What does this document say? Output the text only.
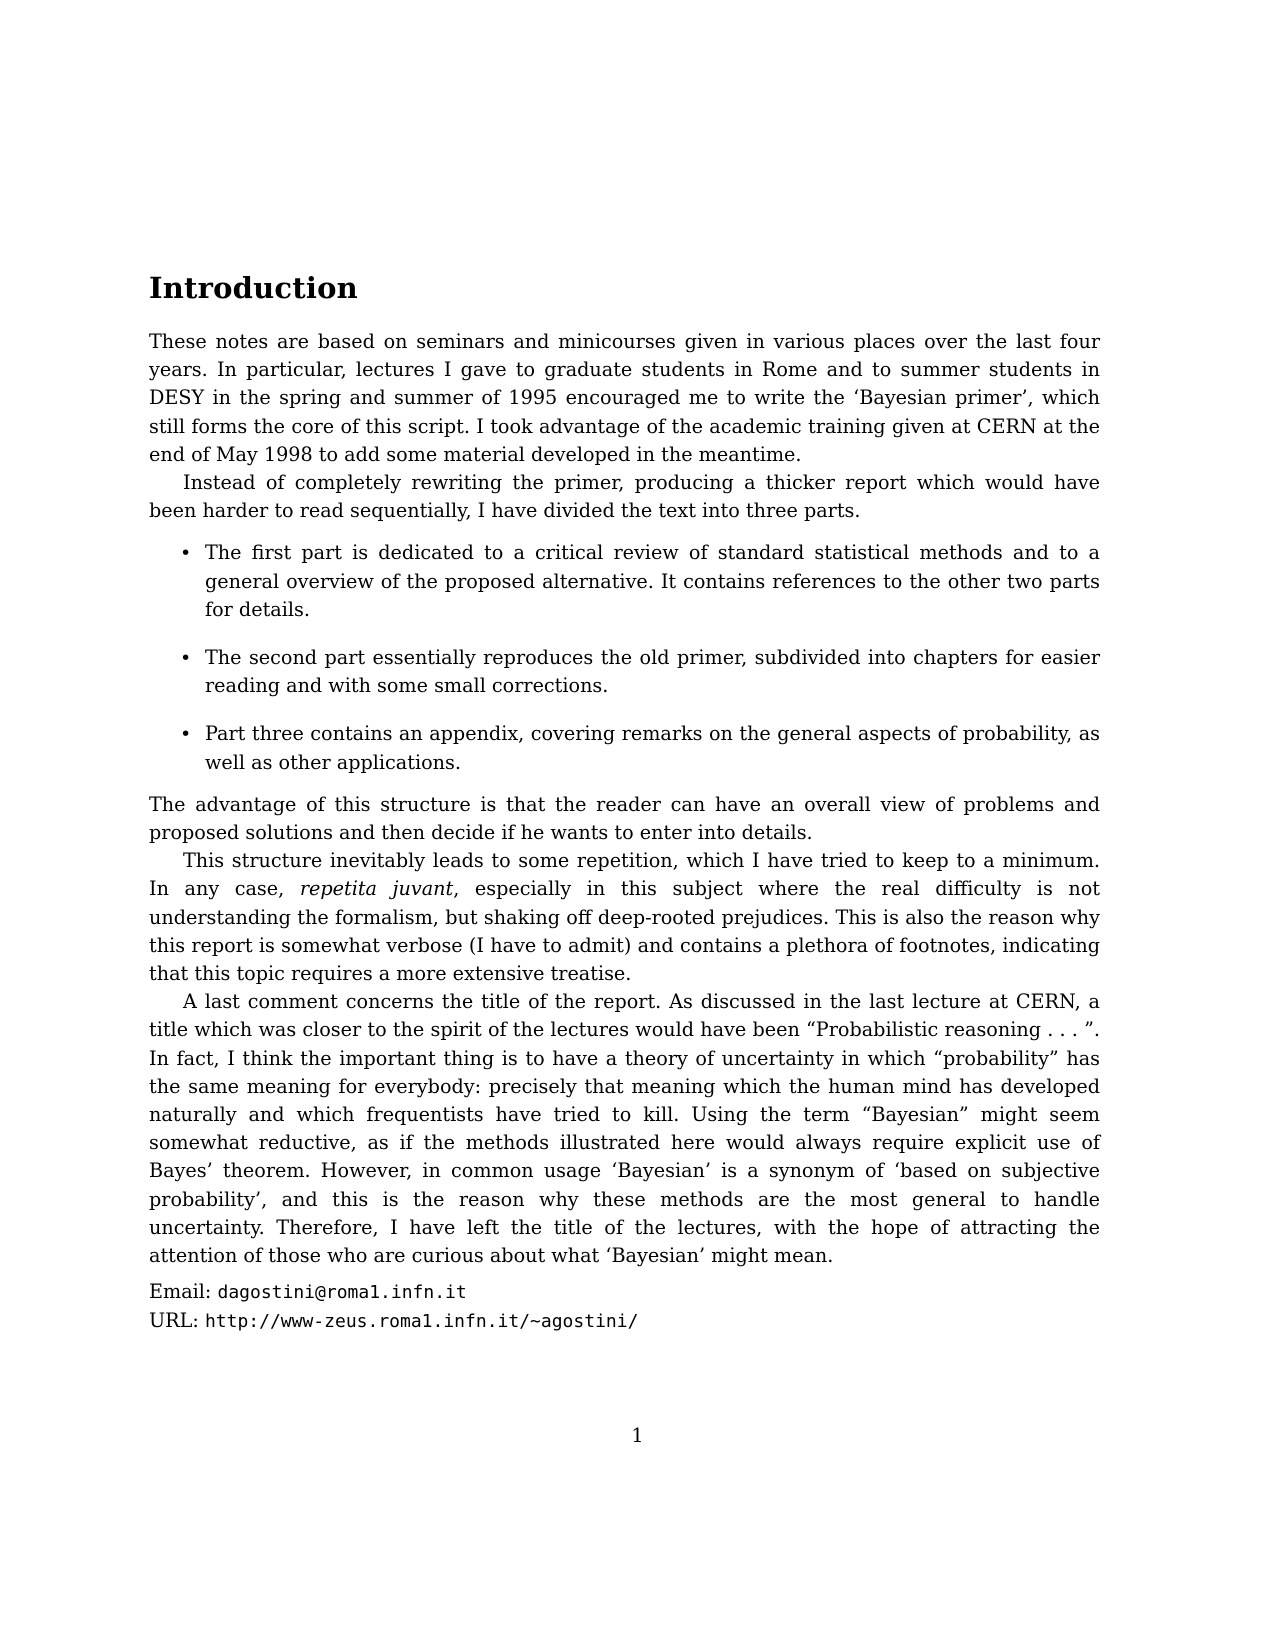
Introduction

These notes are based on seminars and minicourses given in various places over the last four years. In particular, lectures I gave to graduate students in Rome and to summer students in DESY in the spring and summer of 1995 encouraged me to write the ‘Bayesian primer’, which still forms the core of this script. I took advantage of the academic training given at CERN at the end of May 1998 to add some material developed in the meantime.

Instead of completely rewriting the primer, producing a thicker report which would have been harder to read sequentially, I have divided the text into three parts.

• The first part is dedicated to a critical review of standard statistical methods and to a general overview of the proposed alternative. It contains references to the other two parts for details.
• The second part essentially reproduces the old primer, subdivided into chapters for easier reading and with some small corrections.
• Part three contains an appendix, covering remarks on the general aspects of probability, as well as other applications.

The advantage of this structure is that the reader can have an overall view of problems and proposed solutions and then decide if he wants to enter into details.

This structure inevitably leads to some repetition, which I have tried to keep to a minimum. In any case, repetita juvant, especially in this subject where the real difficulty is not understanding the formalism, but shaking off deep-rooted prejudices. This is also the reason why this report is somewhat verbose (I have to admit) and contains a plethora of footnotes, indicating that this topic requires a more extensive treatise.

A last comment concerns the title of the report. As discussed in the last lecture at CERN, a title which was closer to the spirit of the lectures would have been “Probabilistic reasoning . . . ”. In fact, I think the important thing is to have a theory of uncertainty in which “probability” has the same meaning for everybody: precisely that meaning which the human mind has developed naturally and which frequentists have tried to kill. Using the term “Bayesian” might seem somewhat reductive, as if the methods illustrated here would always require explicit use of Bayes’ theorem. However, in common usage ‘Bayesian’ is a synonym of ‘based on subjective probability’, and this is the reason why these methods are the most general to handle uncertainty. Therefore, I have left the title of the lectures, with the hope of attracting the attention of those who are curious about what ‘Bayesian’ might mean.

Email: dagostini@roma1.infn.it
URL: http://www-zeus.roma1.infn.it/~agostini/
1
